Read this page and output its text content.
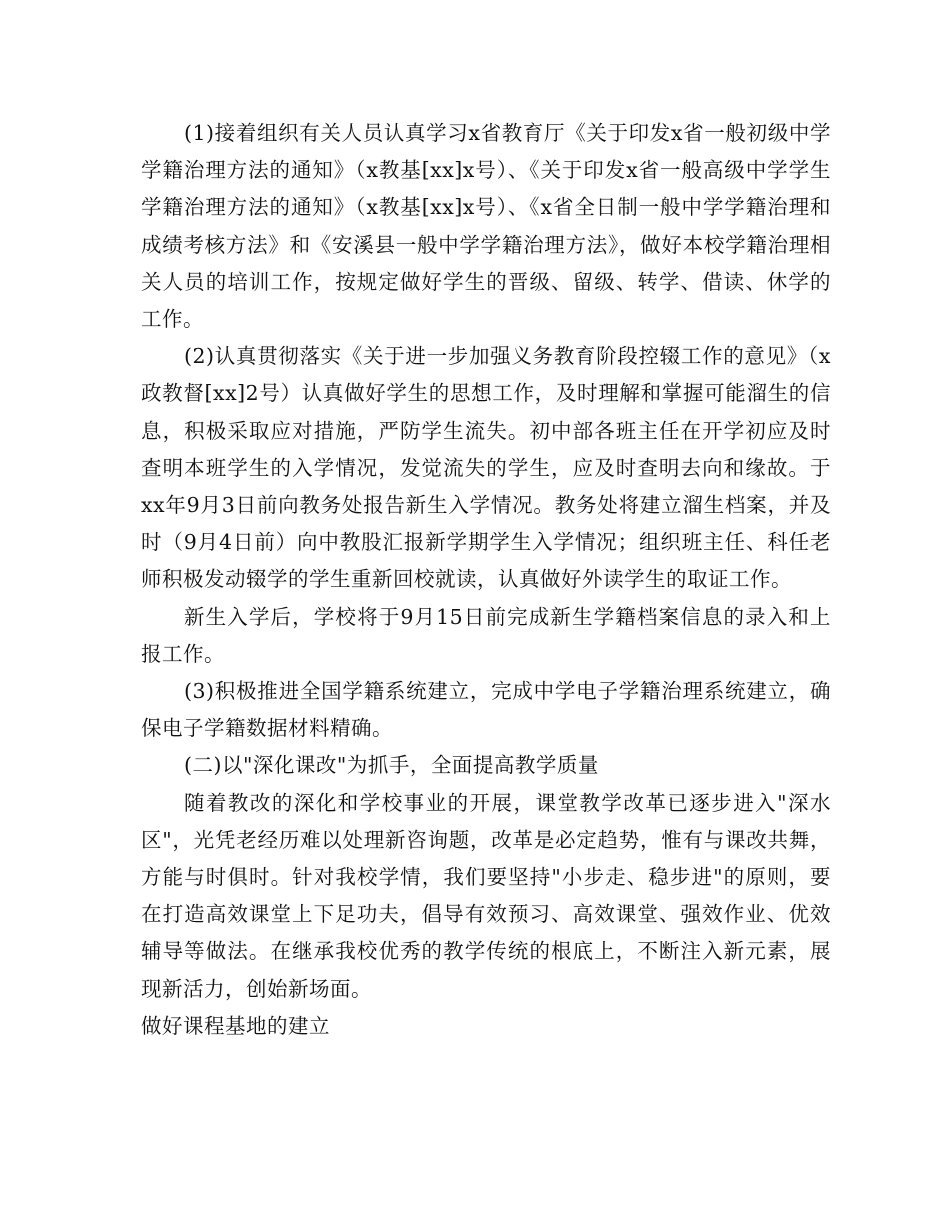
(1)接着组织有关人员认真学习x省教育厅《关于印发x省一般初级中学学籍治理方法的通知》（x教基[xx]x号）、《关于印发x省一般高级中学学生学籍治理方法的通知》（x教基[xx]x号）、《x省全日制一般中学学籍治理和成绩考核方法》和《安溪县一般中学学籍治理方法》，做好本校学籍治理相关人员的培训工作，按规定做好学生的晋级、留级、转学、借读、休学的工作。

(2)认真贯彻落实《关于进一步加强义务教育阶段控辍工作的意见》（x政教督[xx]2号）认真做好学生的思想工作，及时理解和掌握可能溜生的信息，积极采取应对措施，严防学生流失。初中部各班主任在开学初应及时查明本班学生的入学情况，发觉流失的学生，应及时查明去向和缘故。于xx年9月3日前向教务处报告新生入学情况。教务处将建立溜生档案，并及时（9月4日前）向中教股汇报新学期学生入学情况；组织班主任、科任老师积极发动辍学的学生重新回校就读，认真做好外读学生的取证工作。

新生入学后，学校将于9月15日前完成新生学籍档案信息的录入和上报工作。

(3)积极推进全国学籍系统建立，完成中学电子学籍治理系统建立，确保电子学籍数据材料精确。

(二)以"深化课改"为抓手，全面提高教学质量

随着教改的深化和学校事业的开展，课堂教学改革已逐步进入"深水区"，光凭老经历难以处理新咨询题，改革是必定趋势，惟有与课改共舞，方能与时俱时。针对我校学情，我们要坚持"小步走、稳步进"的原则，要在打造高效课堂上下足功夫，倡导有效预习、高效课堂、强效作业、优效辅导等做法。在继承我校优秀的教学传统的根底上，不断注入新元素，展现新活力，创始新场面。

做好课程基地的建立
